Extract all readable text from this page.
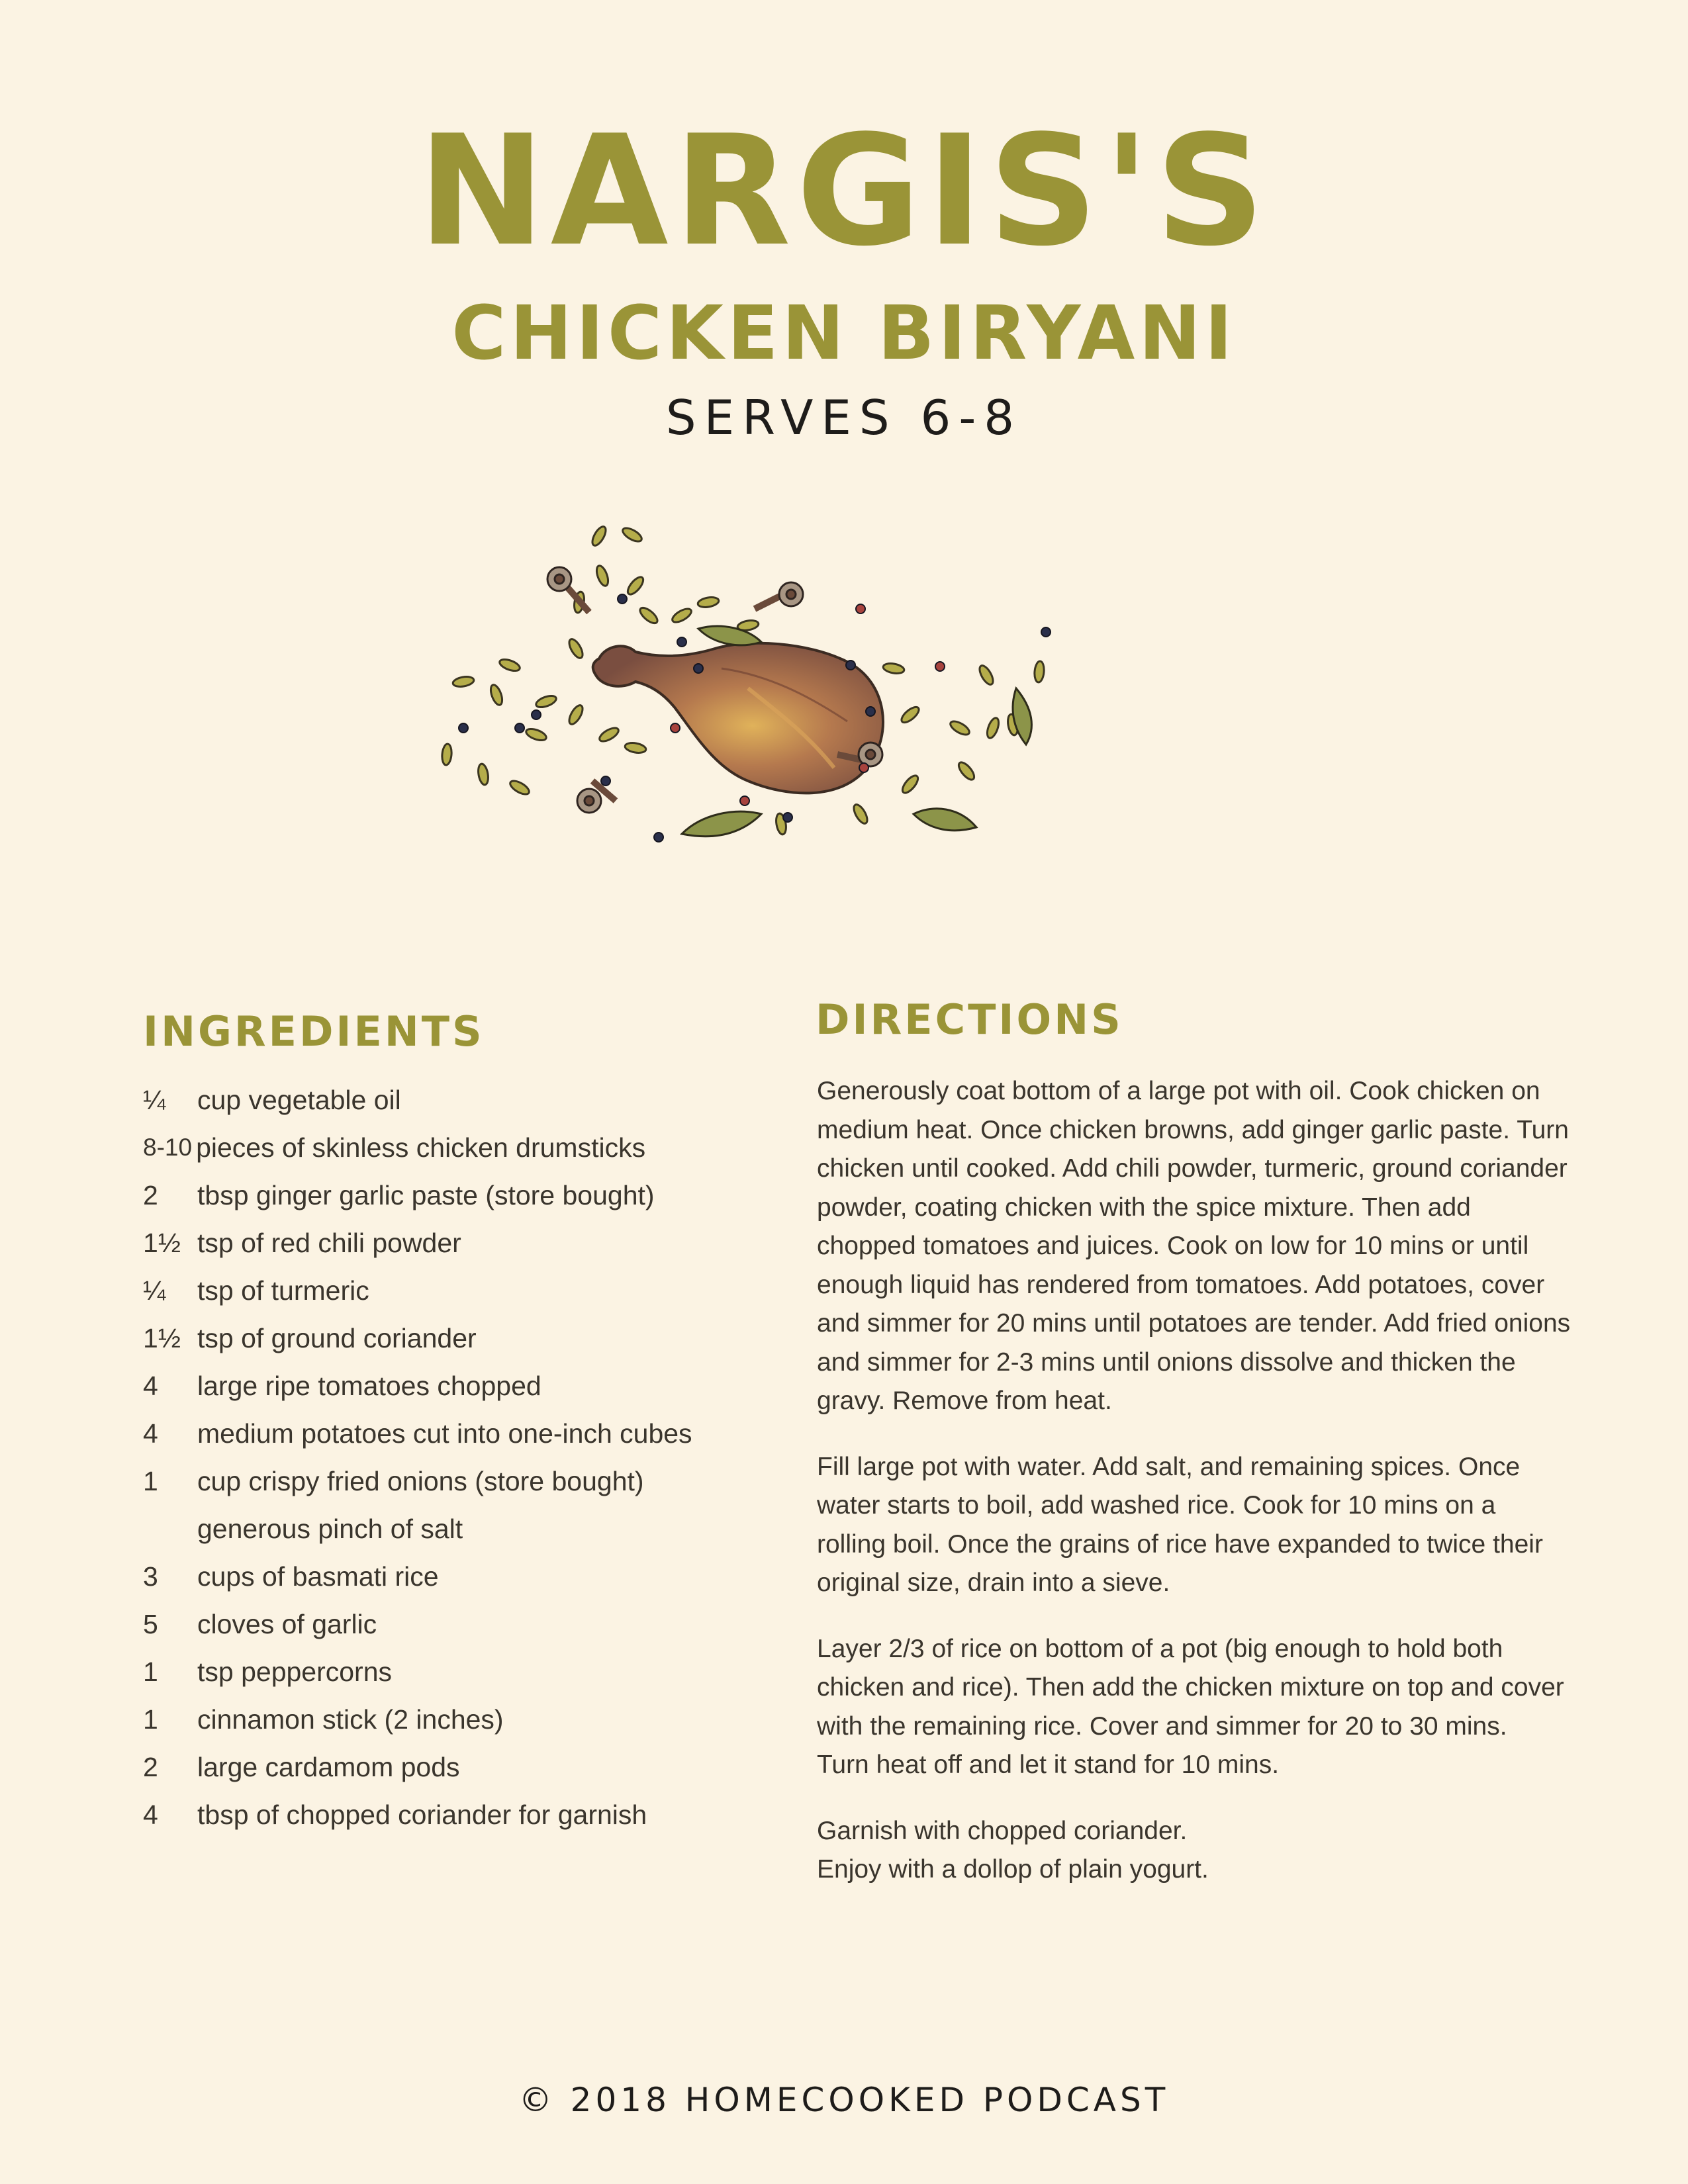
NARGIS'S
CHICKEN BIRYANI
SERVES 6-8
INGREDIENTS
¼	cup vegetable oil
8-10 pieces of skinless chicken drumsticks
2	tbsp ginger garlic paste (store bought)
1½ tsp of red chili powder
¼	tsp of turmeric
1½ tsp of ground coriander
4	large ripe tomatoes chopped
4	medium potatoes cut into one-inch cubes
1	cup crispy fried onions (store bought)
generous pinch of salt
3	cups of basmati rice
5	cloves of garlic
1	tsp peppercorns
1	cinnamon stick (2 inches)
2	large cardamom pods
4	tbsp of chopped coriander for garnish
DIRECTIONS

Generously coat bottom of a large pot with oil. Cook chicken on
medium heat. Once chicken browns, add ginger garlic paste. Turn
chicken until cooked. Add chili powder, turmeric, ground coriander
powder, coating chicken with the spice mixture. Then add
chopped tomatoes and juices. Cook on low for 10 mins or until
enough liquid has rendered from tomatoes. Add potatoes, cover
and simmer for 20 mins until potatoes are tender. Add fried onions
and simmer for 2-3 mins until onions dissolve and thicken the
gravy. Remove from heat.

Fill large pot with water. Add salt, and remaining spices. Once
water starts to boil, add washed rice. Cook for 10 mins on a
rolling boil. Once the grains of rice have expanded to twice their
original size, drain into a sieve.

Layer 2/3 of rice on bottom of a pot (big enough to hold both
chicken and rice). Then add the chicken mixture on top and cover
with the remaining rice. Cover and simmer for 20 to 30 mins.
Turn heat off and let it stand for 10 mins.

Garnish with chopped coriander.
Enjoy with a dollop of plain yogurt.

© 2018 HOMECOOKED PODCAST
